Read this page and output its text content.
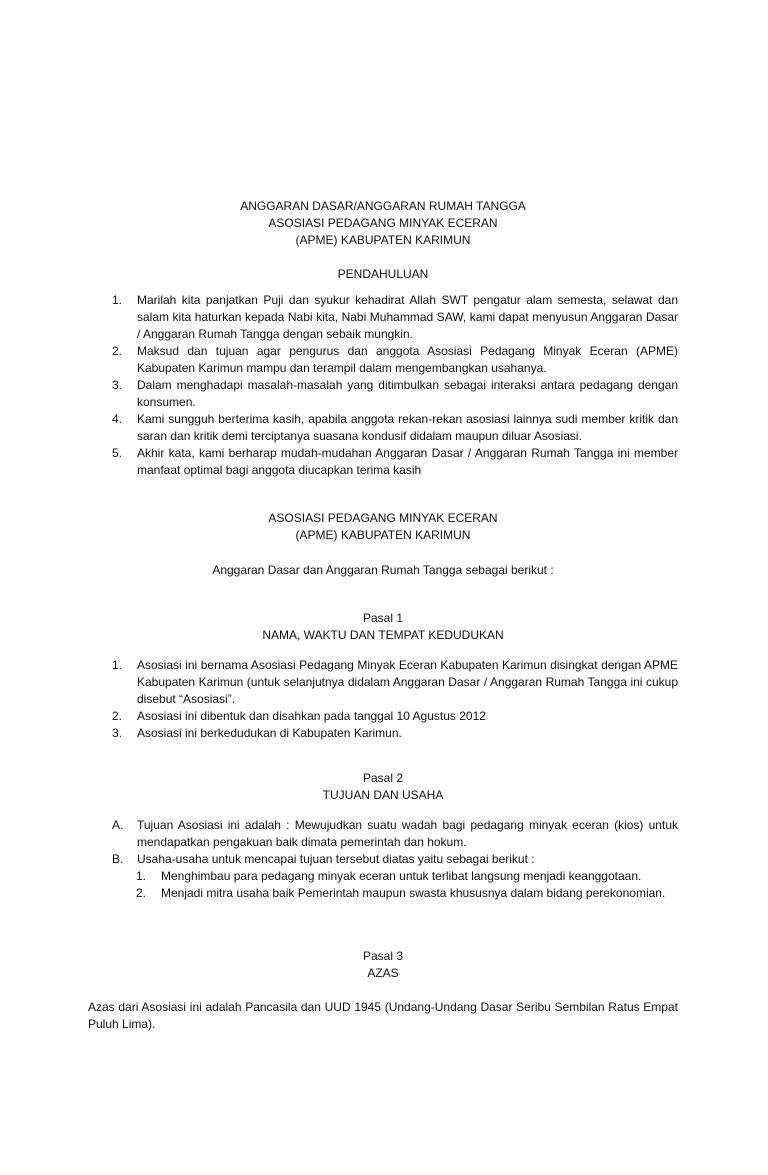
ANGGARAN DASAR/ANGGARAN RUMAH TANGGA
ASOSIASI PEDAGANG MINYAK ECERAN
(APME) KABUPATEN KARIMUN
PENDAHULUAN
1. Marilah kita panjatkan Puji dan syukur kehadirat Allah SWT pengatur alam semesta, selawat dan salam kita haturkan kepada Nabi kita, Nabi Muhammad SAW, kami dapat menyusun Anggaran Dasar / Anggaran Rumah Tangga dengan sebaik mungkin.
2. Maksud dan tujuan agar pengurus dan anggota Asosiasi Pedagang Minyak Eceran (APME) Kabupaten Karimun mampu dan terampil dalam mengembangkan usahanya.
3. Dalam menghadapi masalah-masalah yang ditimbulkan sebagai interaksi antara pedagang dengan konsumen.
4. Kami sungguh berterima kasih, apabila anggota rekan-rekan asosiasi lainnya sudi member kritik dan saran dan kritik demi terciptanya suasana kondusif didalam maupun diluar Asosiasi.
5. Akhir kata, kami berharap mudah-mudahan Anggaran Dasar / Anggaran Rumah Tangga ini member manfaat optimal bagi anggota diucapkan terima kasih
ASOSIASI PEDAGANG MINYAK ECERAN
(APME) KABUPATEN KARIMUN
Anggaran Dasar dan Anggaran Rumah Tangga sebagai berikut :
Pasal 1
NAMA, WAKTU DAN TEMPAT KEDUDUKAN
1. Asosiasi ini bernama Asosiasi Pedagang Minyak Eceran Kabupaten Karimun disingkat dengan APME Kabupaten Karimun (untuk selanjutnya didalam Anggaran Dasar / Anggaran Rumah Tangga ini cukup disebut “Asosiasi”.
2. Asosiasi ini dibentuk dan disahkan pada tanggal 10 Agustus 2012
3. Asosiasi ini berkedudukan di Kabupaten Karimun.
Pasal 2
TUJUAN DAN USAHA
A. Tujuan Asosiasi ini adalah : Mewujudkan suatu wadah bagi pedagang minyak eceran (kios) untuk mendapatkan pengakuan baik dimata pemerintah dan hokum.
B. Usaha-usaha untuk mencapai tujuan tersebut diatas yaitu sebagai berikut :
1. Menghimbau para pedagang minyak eceran untuk terlibat langsung menjadi keanggotaan.
2. Menjadi mitra usaha baik Pemerintah maupun swasta khususnya dalam bidang perekonomian.
Pasal 3
AZAS
Azas dari Asosiasi ini adalah Pancasila dan UUD 1945 (Undang-Undang Dasar Seribu Sembilan Ratus Empat Puluh Lima).
